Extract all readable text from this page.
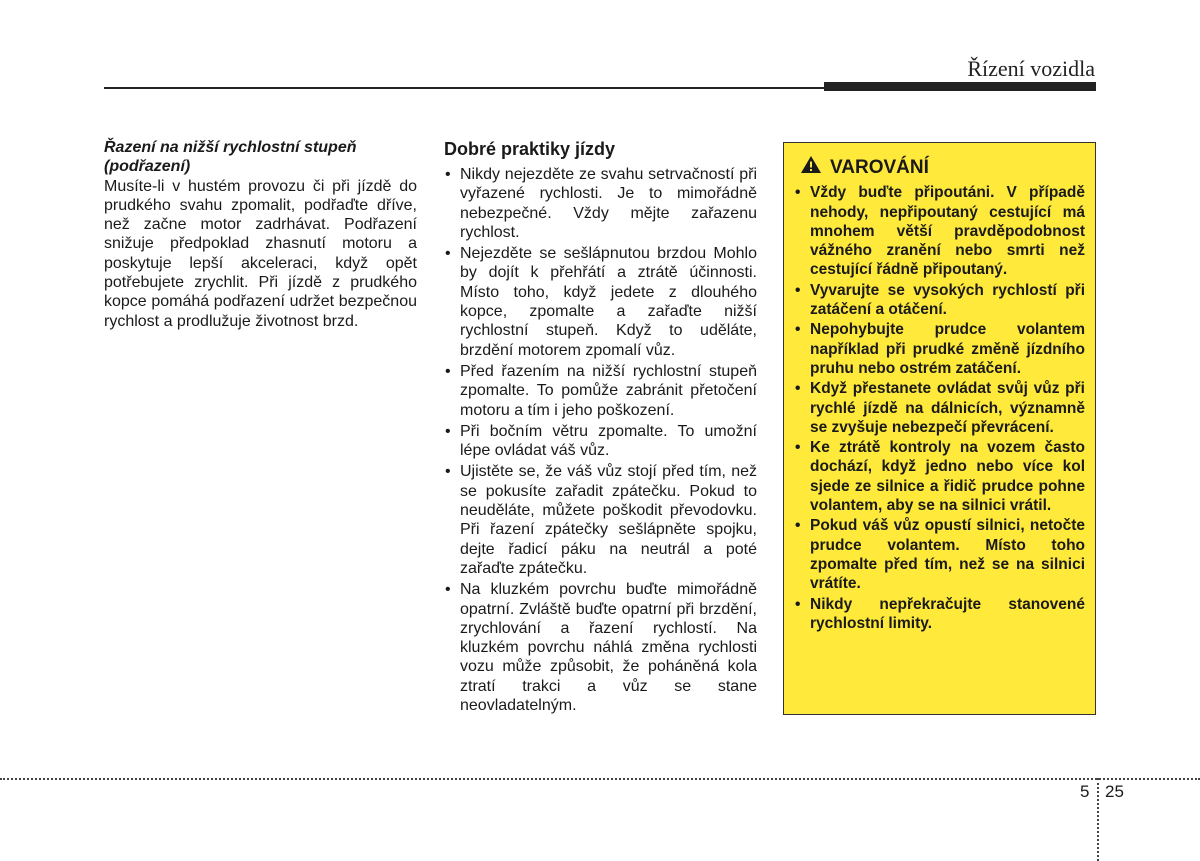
Řízení vozidla

Řazení na nižší rychlostní stupeň (podřazení)

Musíte-li v hustém provozu či při jízdě do prudkého svahu zpomalit, podřaďte dříve, než začne motor zadrhávat. Podřazení snižuje předpoklad zhasnutí motoru a poskytuje lepší akceleraci, když opět potřebujete zrychlit. Při jízdě z prudkého kopce pomáhá podřazení udržet bezpečnou rychlost a prodlužuje životnost brzd.

Dobré praktiky jízdy

• Nikdy nejezděte ze svahu setrvačností při vyřazené rychlosti. Je to mimořádně nebezpečné. Vždy mějte zařazenu rychlost.
• Nejezděte se sešlápnutou brzdou Mohlo by dojít k přehřátí a ztrátě účinnosti. Místo toho, když jedete z dlouhého kopce, zpomalte a zařaďte nižší rychlostní stupeň. Když to uděláte, brzdění motorem zpomalí vůz.
• Před řazením na nižší rychlostní stupeň zpomalte. To pomůže zabránit přetočení motoru a tím i jeho poškození.
• Při bočním větru zpomalte. To umožní lépe ovládat váš vůz.
• Ujistěte se, že váš vůz stojí před tím, než se pokusíte zařadit zpátečku. Pokud to neuděláte, můžete poškodit převodovku. Při řazení zpátečky sešlápněte spojku, dejte řadicí páku na neutrál a poté zařaďte zpátečku.
• Na kluzkém povrchu buďte mimořádně opatrní. Zvláště buďte opatrní při brzdění, zrychlování a řazení rychlostí. Na kluzkém povrchu náhlá změna rychlosti vozu může způsobit, že poháněná kola ztratí trakci a vůz se stane neovladatelným.
VAROVÁNÍ
• Vždy buďte připoutáni. V případě nehody, nepřipoutaný cestující má mnohem větší pravděpodobnost vážného zranění nebo smrti než cestující řádně připoutaný.
• Vyvarujte se vysokých rychlostí při zatáčení a otáčení.
• Nepohybujte prudce volantem například při prudké změně jízdního pruhu nebo ostrém zatáčení.
• Když přestanete ovládat svůj vůz při rychlé jízdě na dálnicích, významně se zvyšuje nebezpečí převrácení.
• Ke ztrátě kontroly na vozem často dochází, když jedno nebo více kol sjede ze silnice a řidič prudce pohne volantem, aby se na silnici vrátil.
• Pokud váš vůz opustí silnici, netočte prudce volantem. Místo toho zpomalte před tím, než se na silnici vrátíte.
• Nikdy nepřekračujte stanovené rychlostní limity.
5 25
